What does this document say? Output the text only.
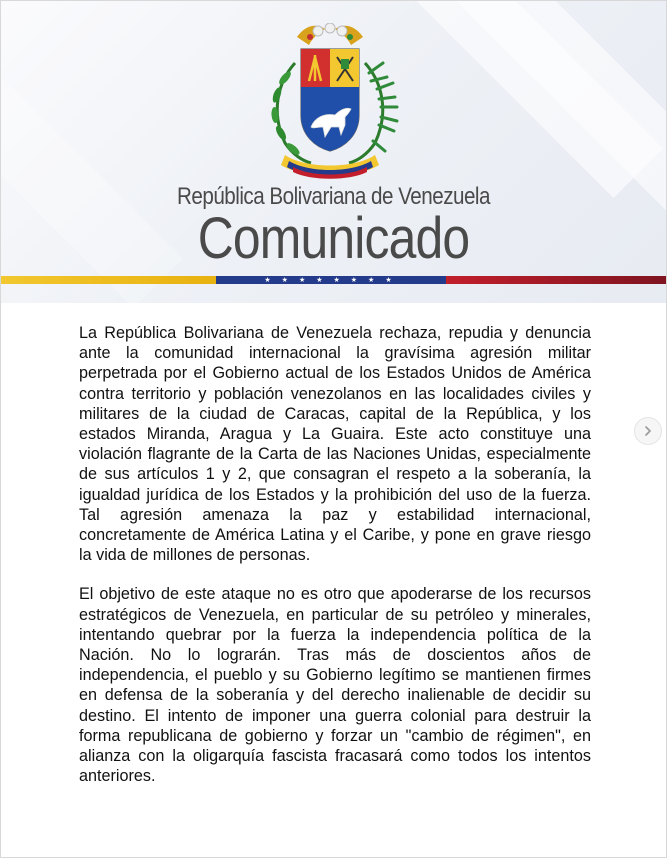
República Bolivariana de Venezuela
Comunicado
★★★★★★★★

La República Bolivariana de Venezuela rechaza, repudia y denuncia ante la comunidad internacional la gravísima agresión militar perpetrada por el Gobierno actual de los Estados Unidos de América contra territorio y población venezolanos en las localidades civiles y militares de la ciudad de Caracas, capital de la República, y los estados Miranda, Aragua y La Guaira. Este acto constituye una violación flagrante de la Carta de las Naciones Unidas, especialmente de sus artículos 1 y 2, que consagran el respeto a la soberanía, la igualdad jurídica de los Estados y la prohibición del uso de la fuerza. Tal agresión amenaza la paz y estabilidad internacional, concretamente de América Latina y el Caribe, y pone en grave riesgo la vida de millones de personas.

El objetivo de este ataque no es otro que apoderarse de los recursos estratégicos de Venezuela, en particular de su petróleo y minerales, intentando quebrar por la fuerza la independencia política de la Nación. No lo lograrán. Tras más de doscientos años de independencia, el pueblo y su Gobierno legítimo se mantienen firmes en defensa de la soberanía y del derecho inalienable de decidir su destino. El intento de imponer una guerra colonial para destruir la forma republicana de gobierno y forzar un "cambio de régimen", en alianza con la oligarquía fascista fracasará como todos los intentos anteriores.
